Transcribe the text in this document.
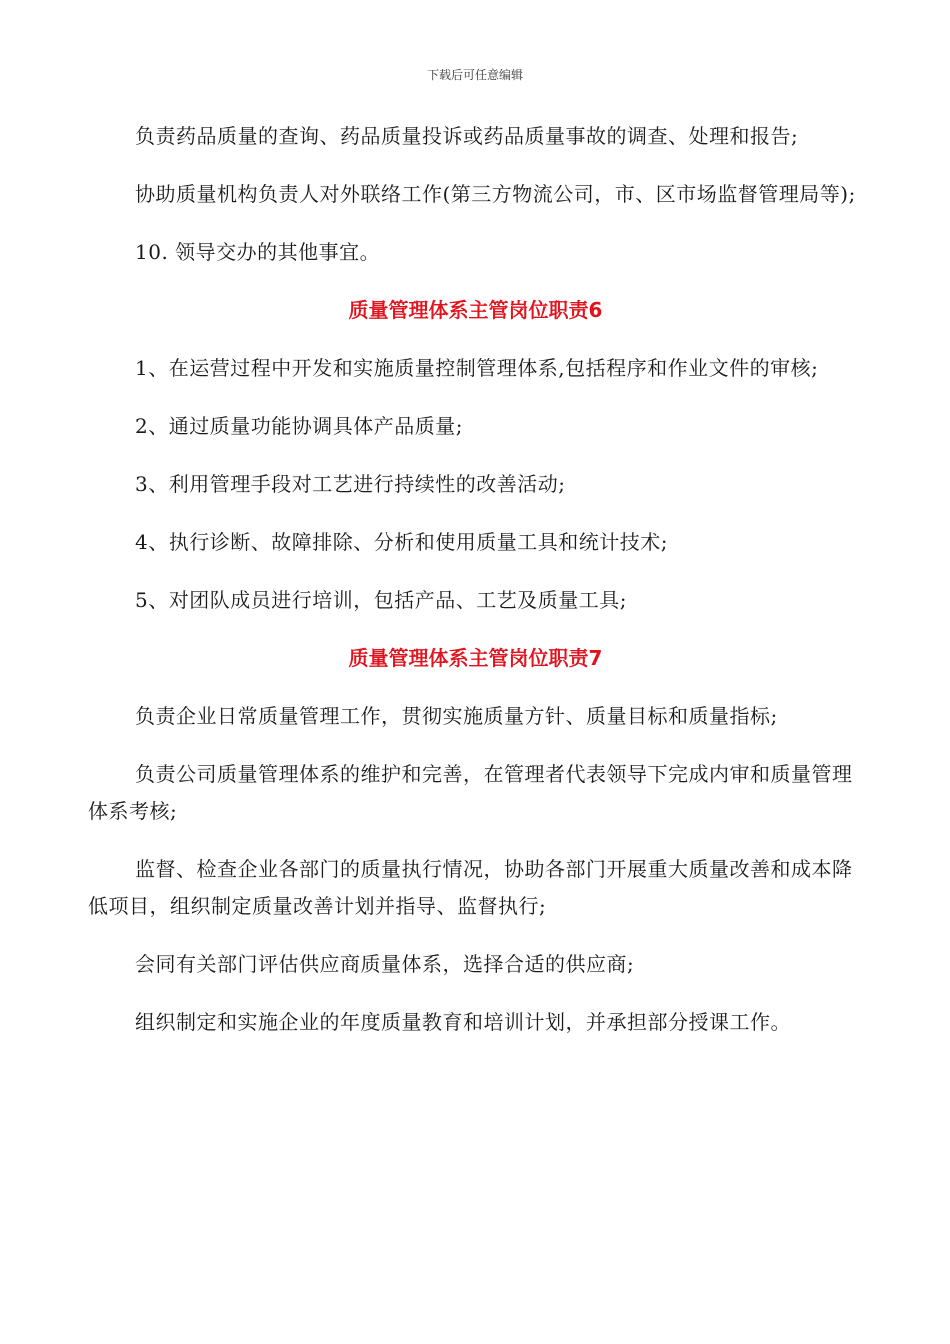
下载后可任意编辑

负责药品质量的查询、药品质量投诉或药品质量事故的调查、处理和报告;

协助质量机构负责人对外联络工作(第三方物流公司，市、区市场监督管理局等);

10. 领导交办的其他事宜。

质量管理体系主管岗位职责6

1、在运营过程中开发和实施质量控制管理体系,包括程序和作业文件的审核;

2、通过质量功能协调具体产品质量;

3、利用管理手段对工艺进行持续性的改善活动;

4、执行诊断、故障排除、分析和使用质量工具和统计技术;

5、对团队成员进行培训，包括产品、工艺及质量工具;

质量管理体系主管岗位职责7

负责企业日常质量管理工作，贯彻实施质量方针、质量目标和质量指标;

负责公司质量管理体系的维护和完善，在管理者代表领导下完成内审和质量管理体系考核;

监督、检查企业各部门的质量执行情况，协助各部门开展重大质量改善和成本降低项目，组织制定质量改善计划并指导、监督执行;

会同有关部门评估供应商质量体系，选择合适的供应商;

组织制定和实施企业的年度质量教育和培训计划，并承担部分授课工作。
